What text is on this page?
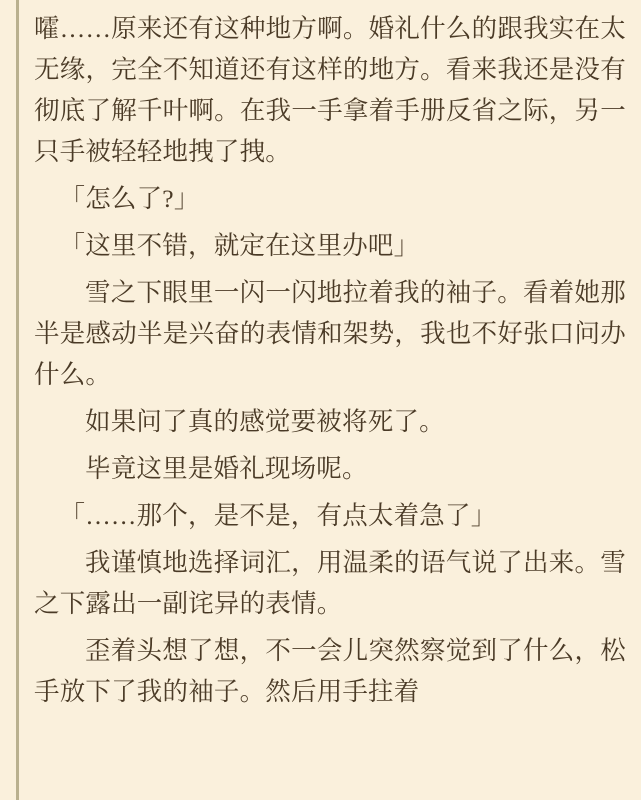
嚯……原来还有这种地方啊。婚礼什么的跟我实在太无缘，完全不知道还有这样的地方。看来我还是没有彻底了解千叶啊。在我一手拿着手册反省之际，另一只手被轻轻地拽了拽。

「怎么了?」

「这里不错，就定在这里办吧」

雪之下眼里一闪一闪地拉着我的袖子。看着她那半是感动半是兴奋的表情和架势，我也不好张口问办什么。

如果问了真的感觉要被将死了。

毕竟这里是婚礼现场呢。

「……那个，是不是，有点太着急了」

我谨慎地选择词汇，用温柔的语气说了出来。雪之下露出一副诧异的表情。

歪着头想了想，不一会儿突然察觉到了什么，松手放下了我的袖子。然后用手拄着
